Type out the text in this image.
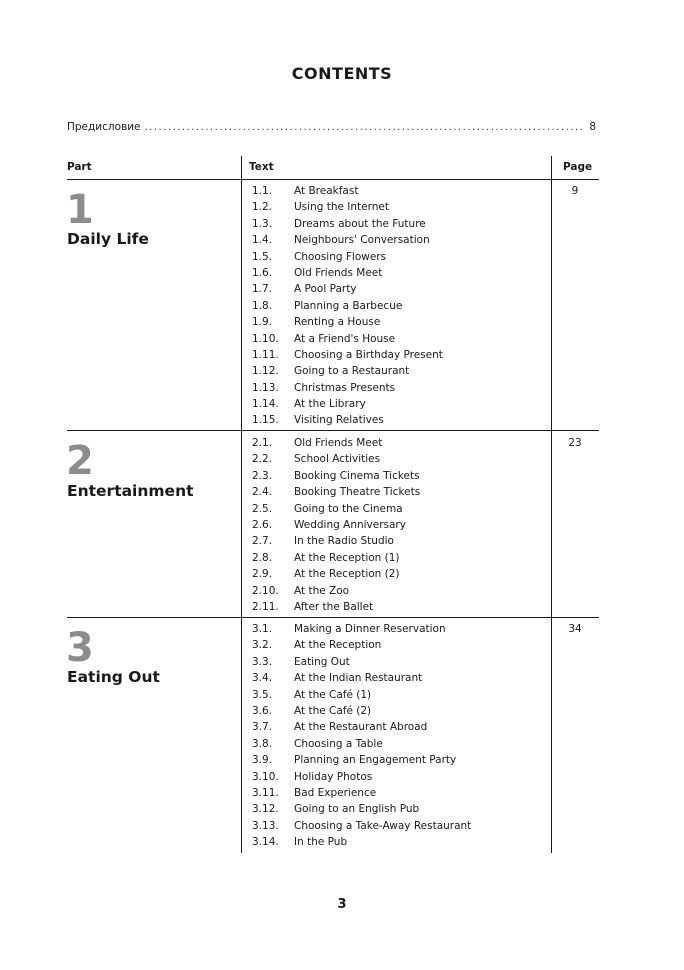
CONTENTS
Предисловие
.....	8
Part	Text	Page
1
Daily Life
9
1.1. At Breakfast
1.2. Using the Internet
1.3. Dreams about the Future
1.4. Neighbours' Conversation
1.5. Choosing Flowers
1.6. Old Friends Meet
1.7. A Pool Party
1.8. Planning a Barbecue
1.9. Renting a House
1.10. At a Friend's House
1.11. Choosing a Birthday Present
1.12. Going to a Restaurant
1.13. Christmas Presents
1.14. At the Library
1.15. Visiting Relatives
2
Entertainment
23
2.1. Old Friends Meet
2.2. School Activities
2.3. Booking Cinema Tickets
2.4. Booking Theatre Tickets
2.5. Going to the Cinema
2.6. Wedding Anniversary
2.7. In the Radio Studio
2.8. At the Reception (1)
2.9. At the Reception (2)
2.10. At the Zoo
2.11. After the Ballet
3
Eating Out
34
3.1. Making a Dinner Reservation
3.2. At the Reception
3.3. Eating Out
3.4. At the Indian Restaurant
3.5. At the Café (1)
3.6. At the Café (2)
3.7. At the Restaurant Abroad
3.8. Choosing a Table
3.9. Planning an Engagement Party
3.10. Holiday Photos
3.11. Bad Experience
3.12. Going to an English Pub
3.13. Choosing a Take-Away Restaurant
3.14. In the Pub
3
